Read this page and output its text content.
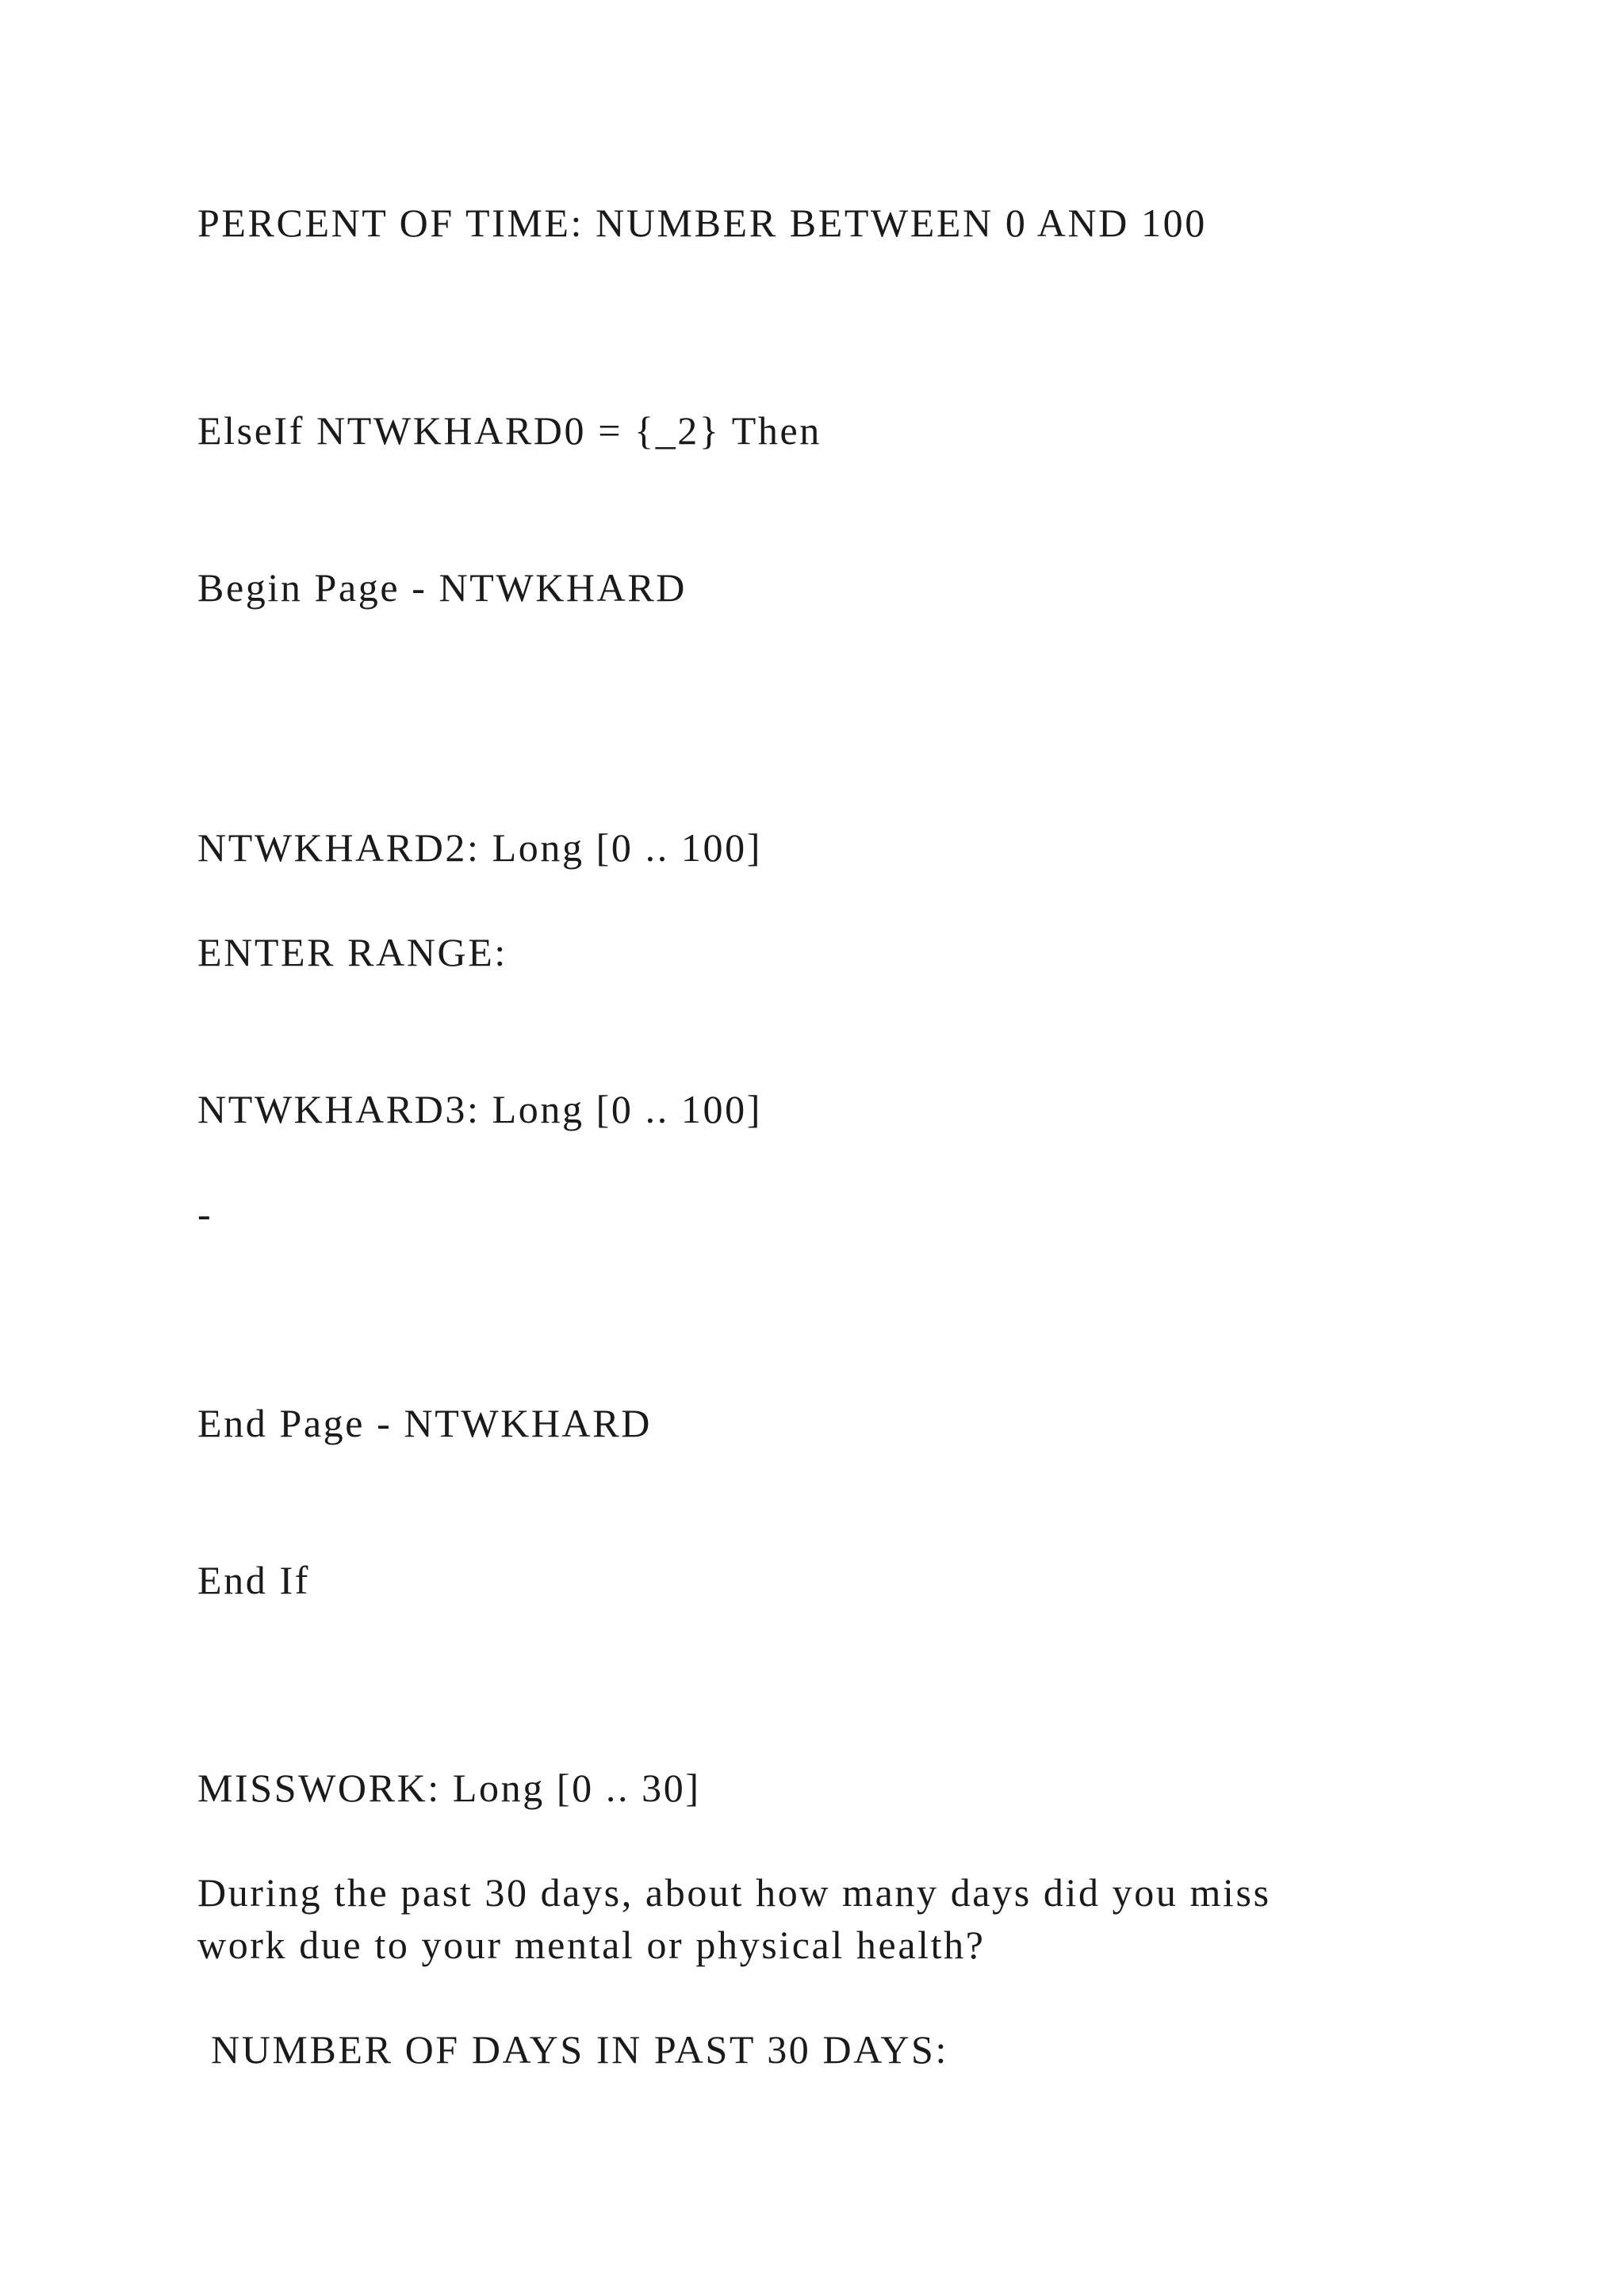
PERCENT OF TIME: NUMBER BETWEEN 0 AND 100

ElseIf NTWKHARD0 = {_2} Then

Begin Page - NTWKHARD

NTWKHARD2: Long [0 .. 100]

ENTER RANGE:

NTWKHARD3: Long [0 .. 100]

-

End Page - NTWKHARD

End If

MISSWORK: Long [0 .. 30]

During the past 30 days, about how many days did you miss
work due to your mental or physical health?

NUMBER OF DAYS IN PAST 30 DAYS:
